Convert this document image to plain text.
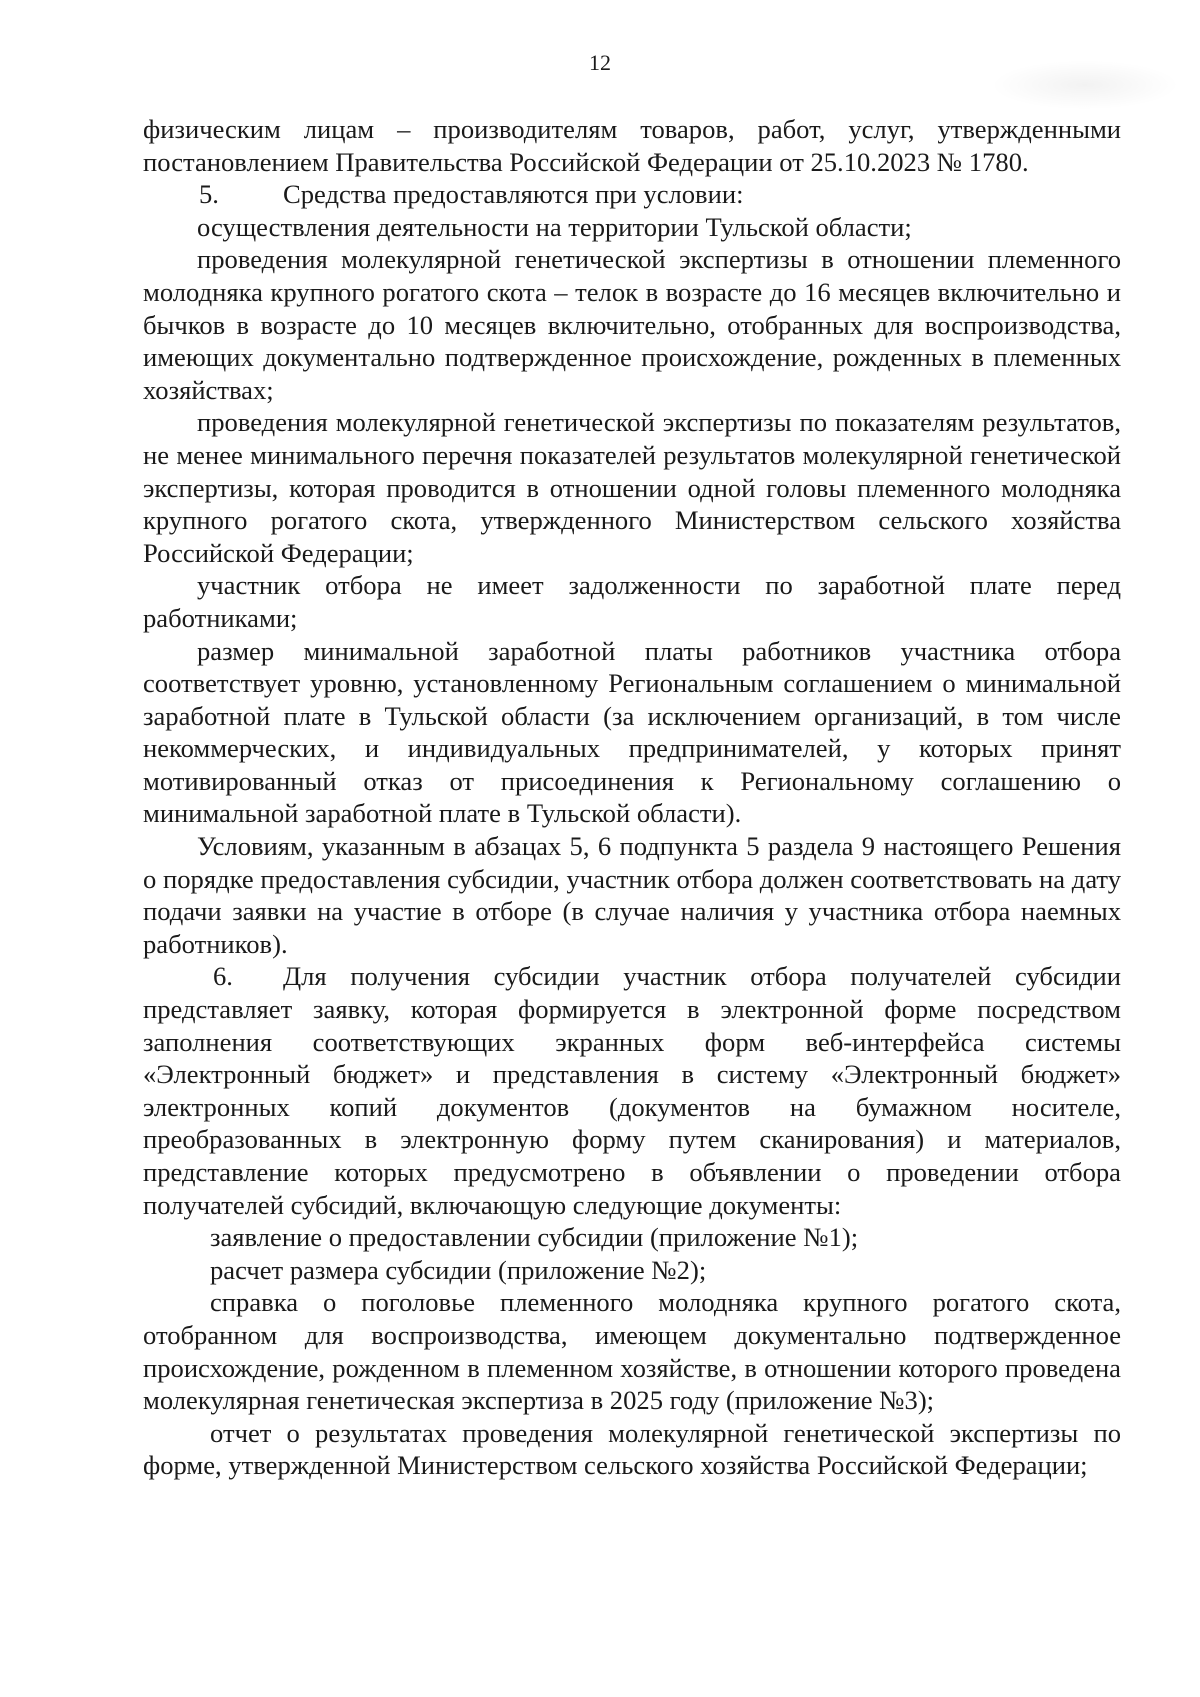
12

физическим лицам – производителям товаров, работ, услуг, утвержденными постановлением Правительства Российской Федерации от 25.10.2023 № 1780.

5. Средства предоставляются при условии:

осуществления деятельности на территории Тульской области;

проведения молекулярной генетической экспертизы в отношении племенного молодняка крупного рогатого скота – телок в возрасте до 16 месяцев включительно и бычков в возрасте до 10 месяцев включительно, отобранных для воспроизводства, имеющих документально подтвержденное происхождение, рожденных в племенных хозяйствах;

проведения молекулярной генетической экспертизы по показателям результатов, не менее минимального перечня показателей результатов молекулярной генетической экспертизы, которая проводится в отношении одной головы племенного молодняка крупного рогатого скота, утвержденного Министерством сельского хозяйства Российской Федерации;

участник отбора не имеет задолженности по заработной плате перед работниками;

размер минимальной заработной платы работников участника отбора соответствует уровню, установленному Региональным соглашением о минимальной заработной плате в Тульской области (за исключением организаций, в том числе некоммерческих, и индивидуальных предпринимателей, у которых принят мотивированный отказ от присоединения к Региональному соглашению о минимальной заработной плате в Тульской области).

Условиям, указанным в абзацах 5, 6 подпункта 5 раздела 9 настоящего Решения о порядке предоставления субсидии, участник отбора должен соответствовать на дату подачи заявки на участие в отборе (в случае наличия у участника отбора наемных работников).

6. Для получения субсидии участник отбора получателей субсидии представляет заявку, которая формируется в электронной форме посредством заполнения соответствующих экранных форм веб-интерфейса системы «Электронный бюджет» и представления в систему «Электронный бюджет» электронных копий документов (документов на бумажном носителе, преобразованных в электронную форму путем сканирования) и материалов, представление которых предусмотрено в объявлении о проведении отбора получателей субсидий, включающую следующие документы:

заявление о предоставлении субсидии (приложение №1);

расчет размера субсидии (приложение №2);

справка о поголовье племенного молодняка крупного рогатого скота, отобранном для воспроизводства, имеющем документально подтвержденное происхождение, рожденном в племенном хозяйстве, в отношении которого проведена молекулярная генетическая экспертиза в 2025 году (приложение №3);

отчет о результатах проведения молекулярной генетической экспертизы по форме, утвержденной Министерством сельского хозяйства Российской Федерации;
